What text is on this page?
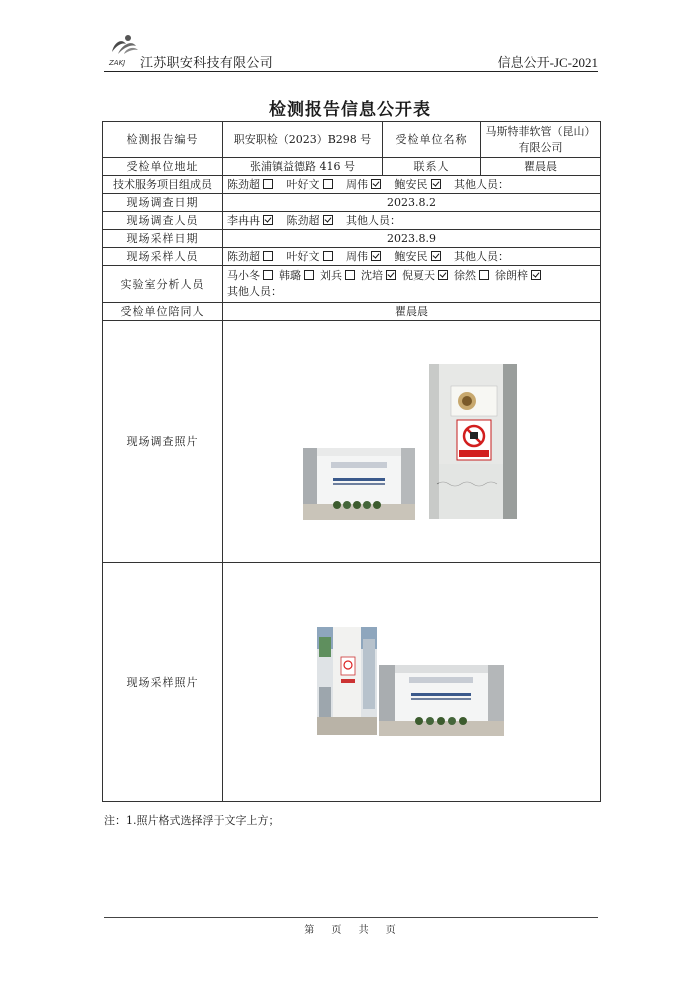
ZAKJ 江苏职安科技有限公司	信息公开-JC-2021
检测报告信息公开表
检测报告编号	职安职检（2023）B298 号	受检单位名称	马斯特菲软管（昆山）有限公司
受检单位地址	张浦镇益德路 416 号	联系人	瞿晨晨
技术服务项目组成员	陈劲超 叶好文 周伟 鲍安民 其他人员：		
现场调查日期	2023.8.2		
现场调查人员	李冉冉 陈劲超 其他人员：		
现场采样日期	2023.8.9		
现场采样人员	陈劲超 叶好文 周伟 鲍安民 其他人员：		
实验室分析人员	马小冬 韩璐 刘兵 沈培 倪夏天 徐然 徐朗梓
其他人员：		
受检单位陪同人	瞿晨晨		
现场调查照片	

现场采样照片	
注：1.照片格式选择浮于文字上方；
第 页 共 页
